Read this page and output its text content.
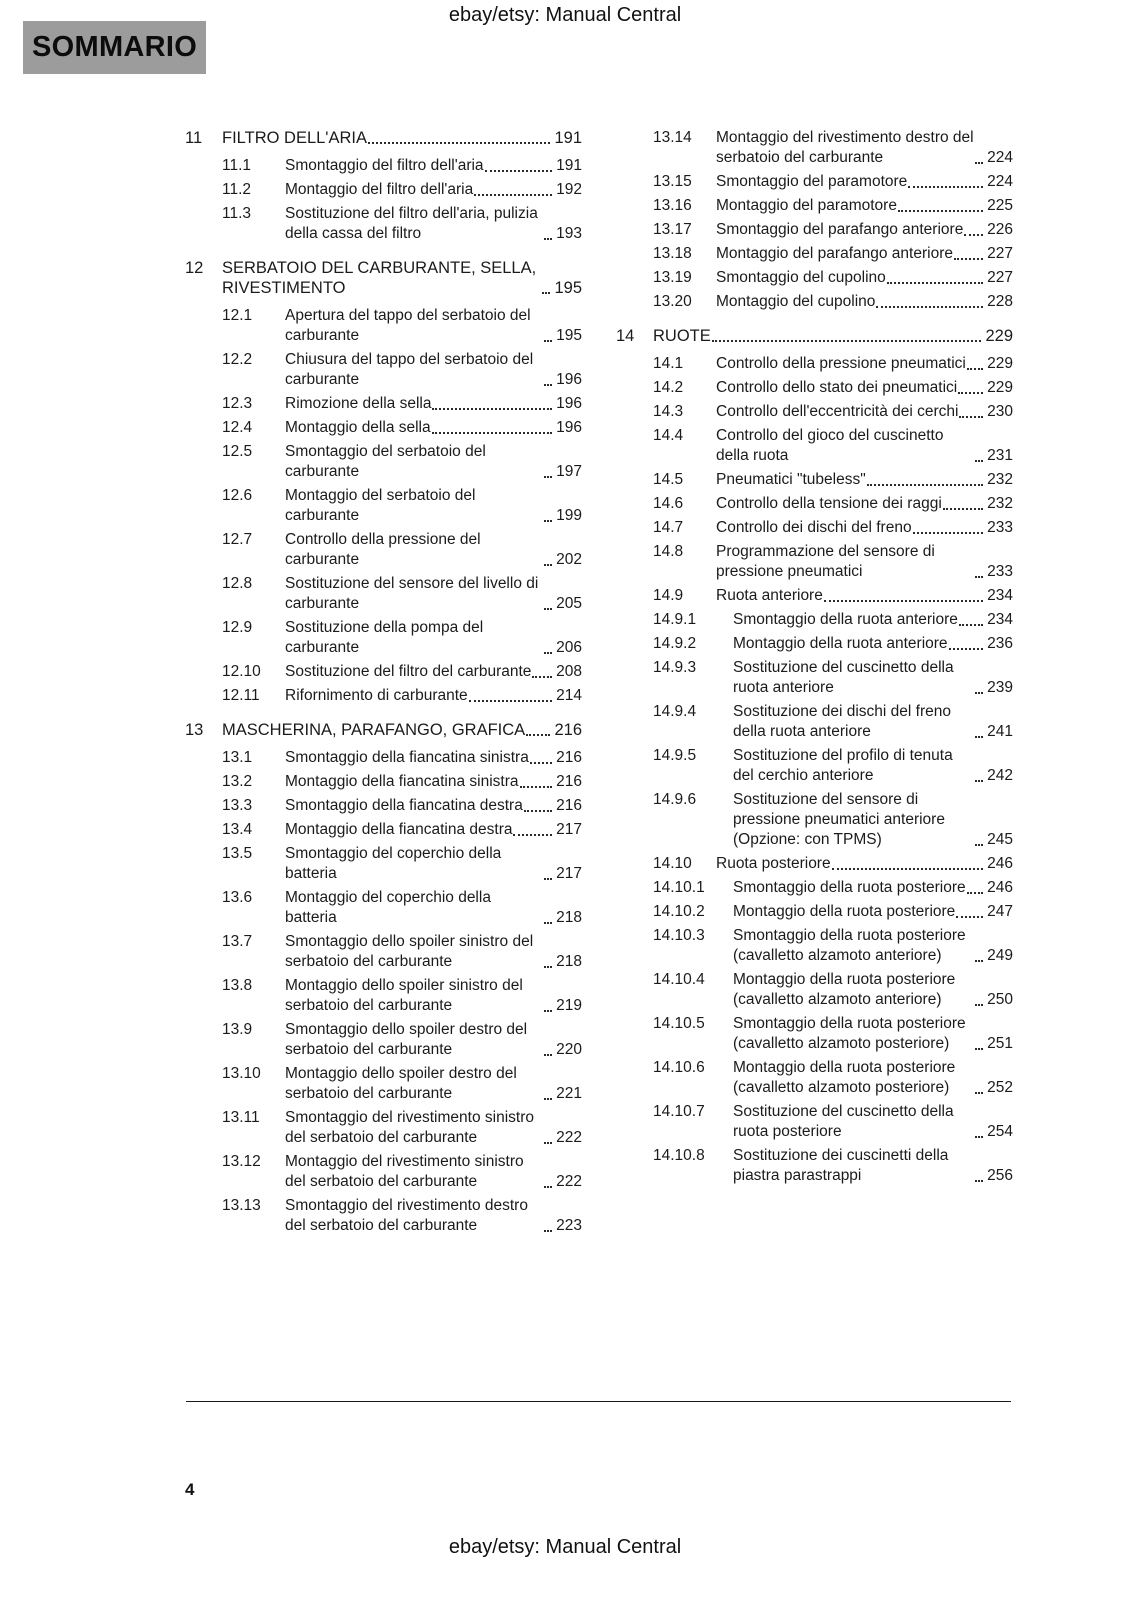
ebay/etsy: Manual Central
SOMMARIO
11	FILTRO DELL'ARIA	191
11.1	Smontaggio del filtro dell'aria	191
11.2	Montaggio del filtro dell'aria	192
11.3	Sostituzione del filtro dell'aria, pulizia della cassa del filtro	193
12	SERBATOIO DEL CARBURANTE, SELLA, RIVESTIMENTO	195
12.1	Apertura del tappo del serbatoio del carburante	195
12.2	Chiusura del tappo del serbatoio del carburante	196
12.3	Rimozione della sella	196
12.4	Montaggio della sella	196
12.5	Smontaggio del serbatoio del carburante	197
12.6	Montaggio del serbatoio del carburante	199
12.7	Controllo della pressione del carburante	202
12.8	Sostituzione del sensore del livello di carburante	205
12.9	Sostituzione della pompa del carburante	206
12.10	Sostituzione del filtro del carburante 208
12.11	Rifornimento di carburante	214
13	MASCHERINA, PARAFANGO, GRAFICA 216
13.1	Smontaggio della fiancatina sinistra 216
13.2	Montaggio della fiancatina sinistra 216
13.3	Smontaggio della fiancatina destra 216
13.4	Montaggio della fiancatina destra	217
13.5	Smontaggio del coperchio della batteria	217
13.6	Montaggio del coperchio della batteria	218
13.7	Smontaggio dello spoiler sinistro del serbatoio del carburante	218
13.8	Montaggio dello spoiler sinistro del serbatoio del carburante	219
13.9	Smontaggio dello spoiler destro del serbatoio del carburante	220
13.10	Montaggio dello spoiler destro del serbatoio del carburante	221
13.11	Smontaggio del rivestimento sinistro del serbatoio del carburante	222
13.12	Montaggio del rivestimento sinistro del serbatoio del carburante	222
13.13	Smontaggio del rivestimento destro del serbatoio del carburante	223
13.14	Montaggio del rivestimento destro del serbatoio del carburante	224
13.15	Smontaggio del paramotore	224
13.16	Montaggio del paramotore	225
13.17	Smontaggio del parafango anteriore 226
13.18	Montaggio del parafango anteriore 227
13.19	Smontaggio del cupolino	227
13.20	Montaggio del cupolino	228
14	RUOTE	229
14.1	Controllo della pressione pneumatici 229
14.2	Controllo dello stato dei pneumatici 229
14.3	Controllo dell'eccentricità dei cerchi 230
14.4	Controllo del gioco del cuscinetto della ruota	231
14.5	Pneumatici "tubeless"	232
14.6	Controllo della tensione dei raggi	232
14.7	Controllo dei dischi del freno	233
14.8	Programmazione del sensore di pressione pneumatici	233
14.9	Ruota anteriore	234
14.9.1	Smontaggio della ruota anteriore 234
14.9.2	Montaggio della ruota anteriore	236
14.9.3	Sostituzione del cuscinetto della ruota anteriore	239
14.9.4	Sostituzione dei dischi del freno della ruota anteriore	241
14.9.5	Sostituzione del profilo di tenuta del cerchio anteriore	242
14.9.6	Sostituzione del sensore di pressione pneumatici anteriore (Opzione: con TPMS)	245
14.10	Ruota posteriore	246
14.10.1	Smontaggio della ruota posteriore 246
14.10.2	Montaggio della ruota posteriore 247
14.10.3	Smontaggio della ruota posteriore (cavalletto alzamoto anteriore)	249
14.10.4	Montaggio della ruota posteriore (cavalletto alzamoto anteriore)	250
14.10.5	Smontaggio della ruota posteriore (cavalletto alzamoto posteriore)	251
14.10.6	Montaggio della ruota posteriore (cavalletto alzamoto posteriore)	252
14.10.7	Sostituzione del cuscinetto della ruota posteriore	254
14.10.8	Sostituzione dei cuscinetti della piastra parastrappi	256
4
ebay/etsy: Manual Central
